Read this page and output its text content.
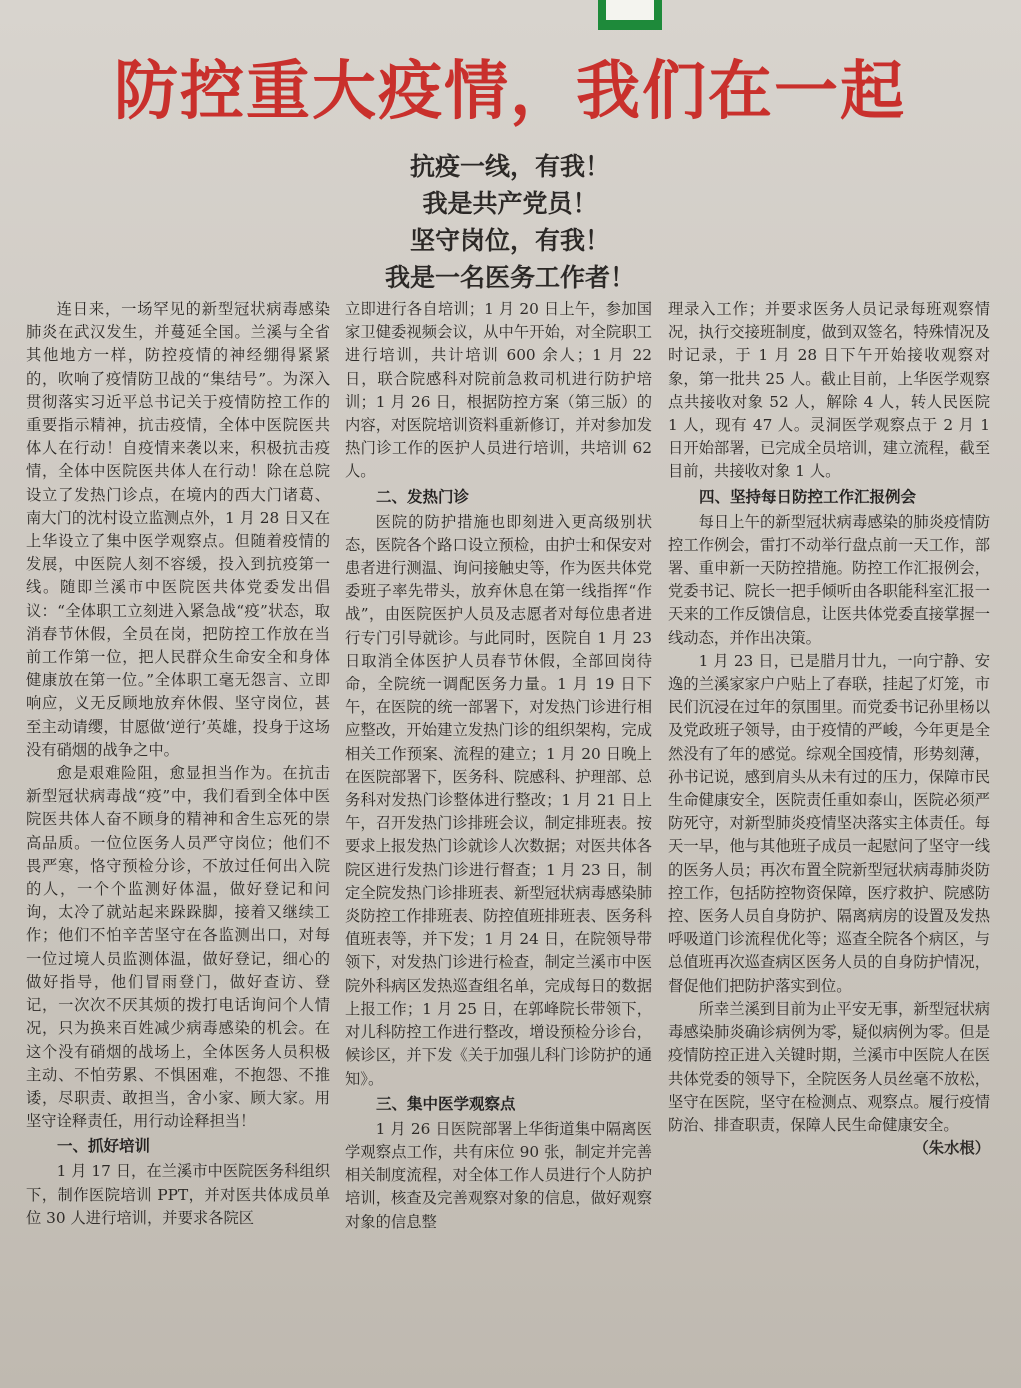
防控重大疫情，我们在一起
抗疫一线，有我！
我是共产党员！
坚守岗位，有我！
我是一名医务工作者！

连日来，一场罕见的新型冠状病毒感染肺炎在武汉发生，并蔓延全国。兰溪与全省其他地方一样，防控疫情的神经绷得紧紧的，吹响了疫情防卫战的“集结号”。为深入贯彻落实习近平总书记关于疫情防控工作的重要指示精神，抗击疫情，全体中医院医共体人在行动！自疫情来袭以来，积极抗击疫情，全体中医院医共体人在行动！除在总院设立了发热门诊点，在境内的西大门诸葛、南大门的沈村设立监测点外，1 月 28 日又在上华设立了集中医学观察点。但随着疫情的发展，中医院人刻不容缓，投入到抗疫第一线。随即兰溪市中医院医共体党委发出倡议：“全体职工立刻进入紧急战“疫”状态，取消春节休假，全员在岗，把防控工作放在当前工作第一位，把人民群众生命安全和身体健康放在第一位。”全体职工毫无怨言、立即响应，义无反顾地放弃休假、坚守岗位，甚至主动请缨，甘愿做‘逆行’英雄，投身于这场没有硝烟的战争之中。

愈是艰难险阻，愈显担当作为。在抗击新型冠状病毒战“疫”中，我们看到全体中医院医共体人奋不顾身的精神和舍生忘死的崇高品质。一位位医务人员严守岗位；他们不畏严寒，恪守预检分诊，不放过任何出入院的人，一个个监测好体温，做好登记和问询，太冷了就站起来跺跺脚，接着又继续工作；他们不怕辛苦坚守在各监测出口，对每一位过境人员监测体温，做好登记，细心的做好指导，他们冒雨登门，做好查访、登记，一次次不厌其烦的拨打电话询问个人情况，只为换来百姓减少病毒感染的机会。在这个没有硝烟的战场上，全体医务人员积极主动、不怕劳累、不惧困难，不抱怨、不推诿，尽职责、敢担当，舍小家、顾大家。用坚守诠释责任，用行动诠释担当！

一、抓好培训

1 月 17 日，在兰溪市中医院医务科组织下，制作医院培训 PPT，并对医共体成员单位 30 人进行培训，并要求各院区

立即进行各自培训；1 月 20 日上午，参加国家卫健委视频会议，从中午开始，对全院职工进行培训，共计培训 600 余人；1 月 22 日，联合院感科对院前急救司机进行防护培训；1 月 26 日，根据防控方案（第三版）的内容，对医院培训资料重新修订，并对参加发热门诊工作的医护人员进行培训，共培训 62 人。

二、发热门诊

医院的防护措施也即刻进入更高级别状态，医院各个路口设立预检，由护士和保安对患者进行测温、询问接触史等，作为医共体党委班子率先带头，放弃休息在第一线指挥“作战”，由医院医护人员及志愿者对每位患者进行专门引导就诊。与此同时，医院自 1 月 23 日取消全体医护人员春节休假，全部回岗待命，全院统一调配医务力量。1 月 19 日下午，在医院的统一部署下，对发热门诊进行相应整改，开始建立发热门诊的组织架构，完成相关工作预案、流程的建立；1 月 20 日晚上在医院部署下，医务科、院感科、护理部、总务科对发热门诊整体进行整改；1 月 21 日上午，召开发热门诊排班会议，制定排班表。按要求上报发热门诊就诊人次数据；对医共体各院区进行发热门诊进行督查；1 月 23 日，制定全院发热门诊排班表、新型冠状病毒感染肺炎防控工作排班表、防控值班排班表、医务科值班表等，并下发；1 月 24 日，在院领导带领下，对发热门诊进行检查，制定兰溪市中医院外科病区发热巡查组名单，完成每日的数据上报工作；1 月 25 日，在郭峰院长带领下，对儿科防控工作进行整改，增设预检分诊台，候诊区，并下发《关于加强儿科门诊防护的通知》。

三、集中医学观察点

1 月 26 日医院部署上华街道集中隔离医学观察点工作，共有床位 90 张，制定并完善相关制度流程，对全体工作人员进行个人防护培训，核查及完善观察对象的信息，做好观察对象的信息整

理录入工作；并要求医务人员记录每班观察情况，执行交接班制度，做到双签名，特殊情况及时记录，于 1 月 28 日下午开始接收观察对象，第一批共 25 人。截止目前，上华医学观察点共接收对象 52 人，解除 4 人，转人民医院 1 人，现有 47 人。灵洞医学观察点于 2 月 1 日开始部署，已完成全员培训，建立流程，截至目前，共接收对象 1 人。

四、坚持每日防控工作汇报例会

每日上午的新型冠状病毒感染的肺炎疫情防控工作例会，雷打不动举行盘点前一天工作，部署、重申新一天防控措施。防控工作汇报例会，党委书记、院长一把手倾听由各职能科室汇报一天来的工作反馈信息，让医共体党委直接掌握一线动态，并作出决策。

1 月 23 日，已是腊月廿九，一向宁静、安逸的兰溪家家户户贴上了春联，挂起了灯笼，市民们沉浸在过年的氛围里。而党委书记孙里杨以及党政班子领导，由于疫情的严峻，今年更是全然没有了年的感觉。综观全国疫情，形势刻薄，孙书记说，感到肩头从未有过的压力，保障市民生命健康安全，医院责任重如泰山，医院必须严防死守，对新型肺炎疫情坚决落实主体责任。每天一早，他与其他班子成员一起慰问了坚守一线的医务人员；再次布置全院新型冠状病毒肺炎防控工作，包括防控物资保障，医疗救护、院感防控、医务人员自身防护、隔离病房的设置及发热呼吸道门诊流程优化等；巡查全院各个病区，与总值班再次巡查病区医务人员的自身防护情况，督促他们把防护落实到位。

所幸兰溪到目前为止平安无事，新型冠状病毒感染肺炎确诊病例为零，疑似病例为零。但是疫情防控正进入关键时期，兰溪市中医院人在医共体党委的领导下，全院医务人员丝毫不放松，坚守在医院，坚守在检测点、观察点。履行疫情防治、排查职责，保障人民生命健康安全。

（朱水根）
